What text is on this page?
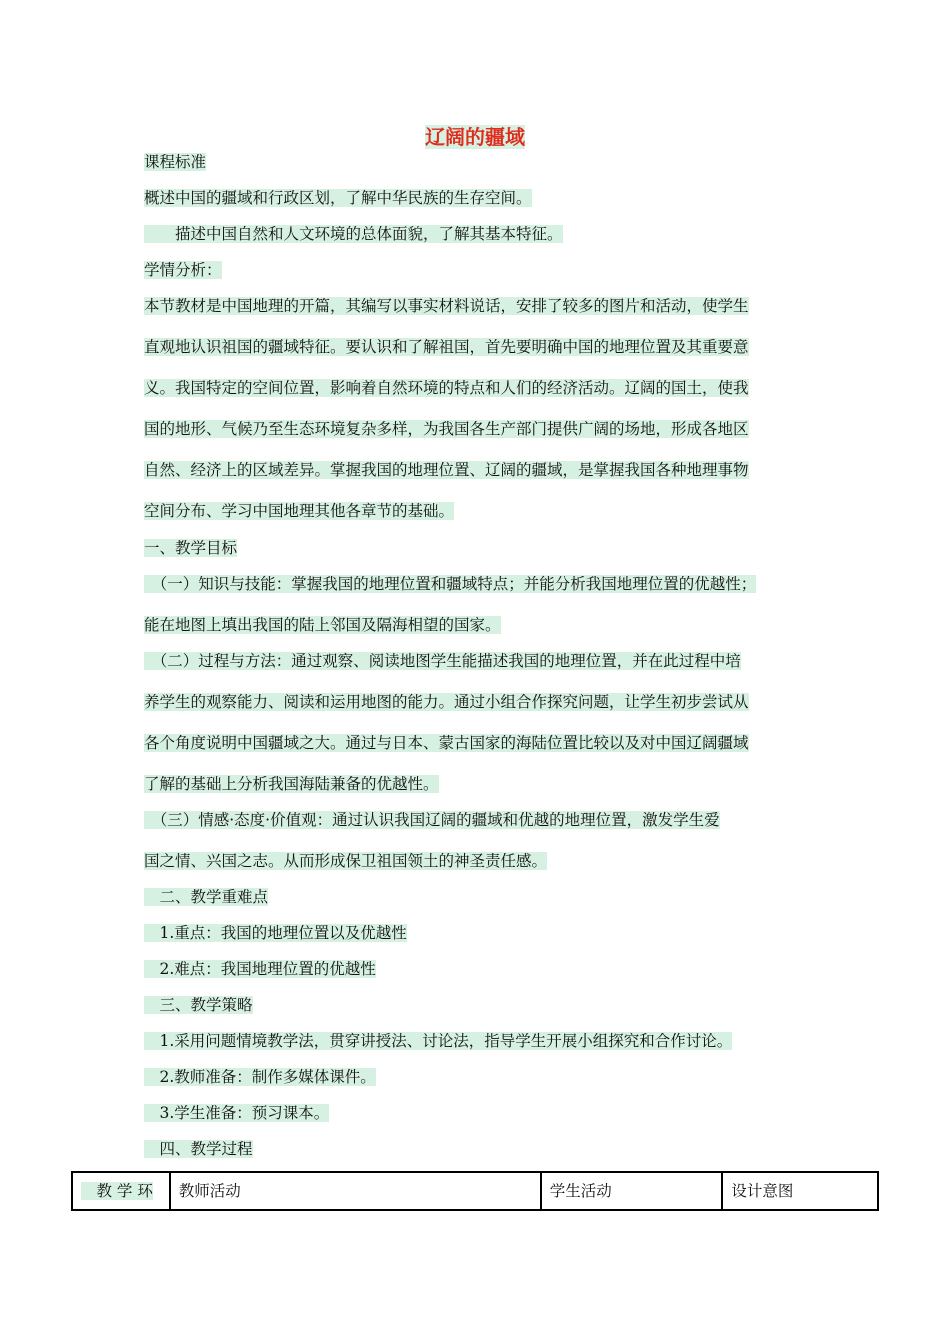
辽阔的疆域
课程标准
概述中国的疆域和行政区划，了解中华民族的生存空间。
　　描述中国自然和人文环境的总体面貌，了解其基本特征。
学情分析：
本节教材是中国地理的开篇，其编写以事实材料说话，安排了较多的图片和活动，使学生
直观地认识祖国的疆域特征。要认识和了解祖国，首先要明确中国的地理位置及其重要意
义。我国特定的空间位置，影响着自然环境的特点和人们的经济活动。辽阔的国土，使我
国的地形、气候乃至生态环境复杂多样，为我国各生产部门提供广阔的场地，形成各地区
自然、经济上的区域差异。掌握我国的地理位置、辽阔的疆域，是掌握我国各种地理事物
空间分布、学习中国地理其他各章节的基础。
一、教学目标
　（一）知识与技能：掌握我国的地理位置和疆域特点；并能分析我国地理位置的优越性；
能在地图上填出我国的陆上邻国及隔海相望的国家。
　（二）过程与方法：通过观察、阅读地图学生能描述我国的地理位置，并在此过程中培
养学生的观察能力、阅读和运用地图的能力。通过小组合作探究问题，让学生初步尝试从
各个角度说明中国疆域之大。通过与日本、蒙古国家的海陆位置比较以及对中国辽阔疆域
了解的基础上分析我国海陆兼备的优越性。
　（三）情感·态度·价值观：通过认识我国辽阔的疆域和优越的地理位置，激发学生爱
国之情、兴国之志。从而形成保卫祖国领土的神圣责任感。
　二、教学重难点
　1.重点：我国的地理位置以及优越性
　2.难点：我国地理位置的优越性
　三、教学策略
　1.采用问题情境教学法，贯穿讲授法、讨论法，指导学生开展小组探究和合作讨论。
　2.教师准备：制作多媒体课件。
　3.学生准备：预习课本。
　四、教学过程
　教 学 环	教师活动	学生活动	设计意图
